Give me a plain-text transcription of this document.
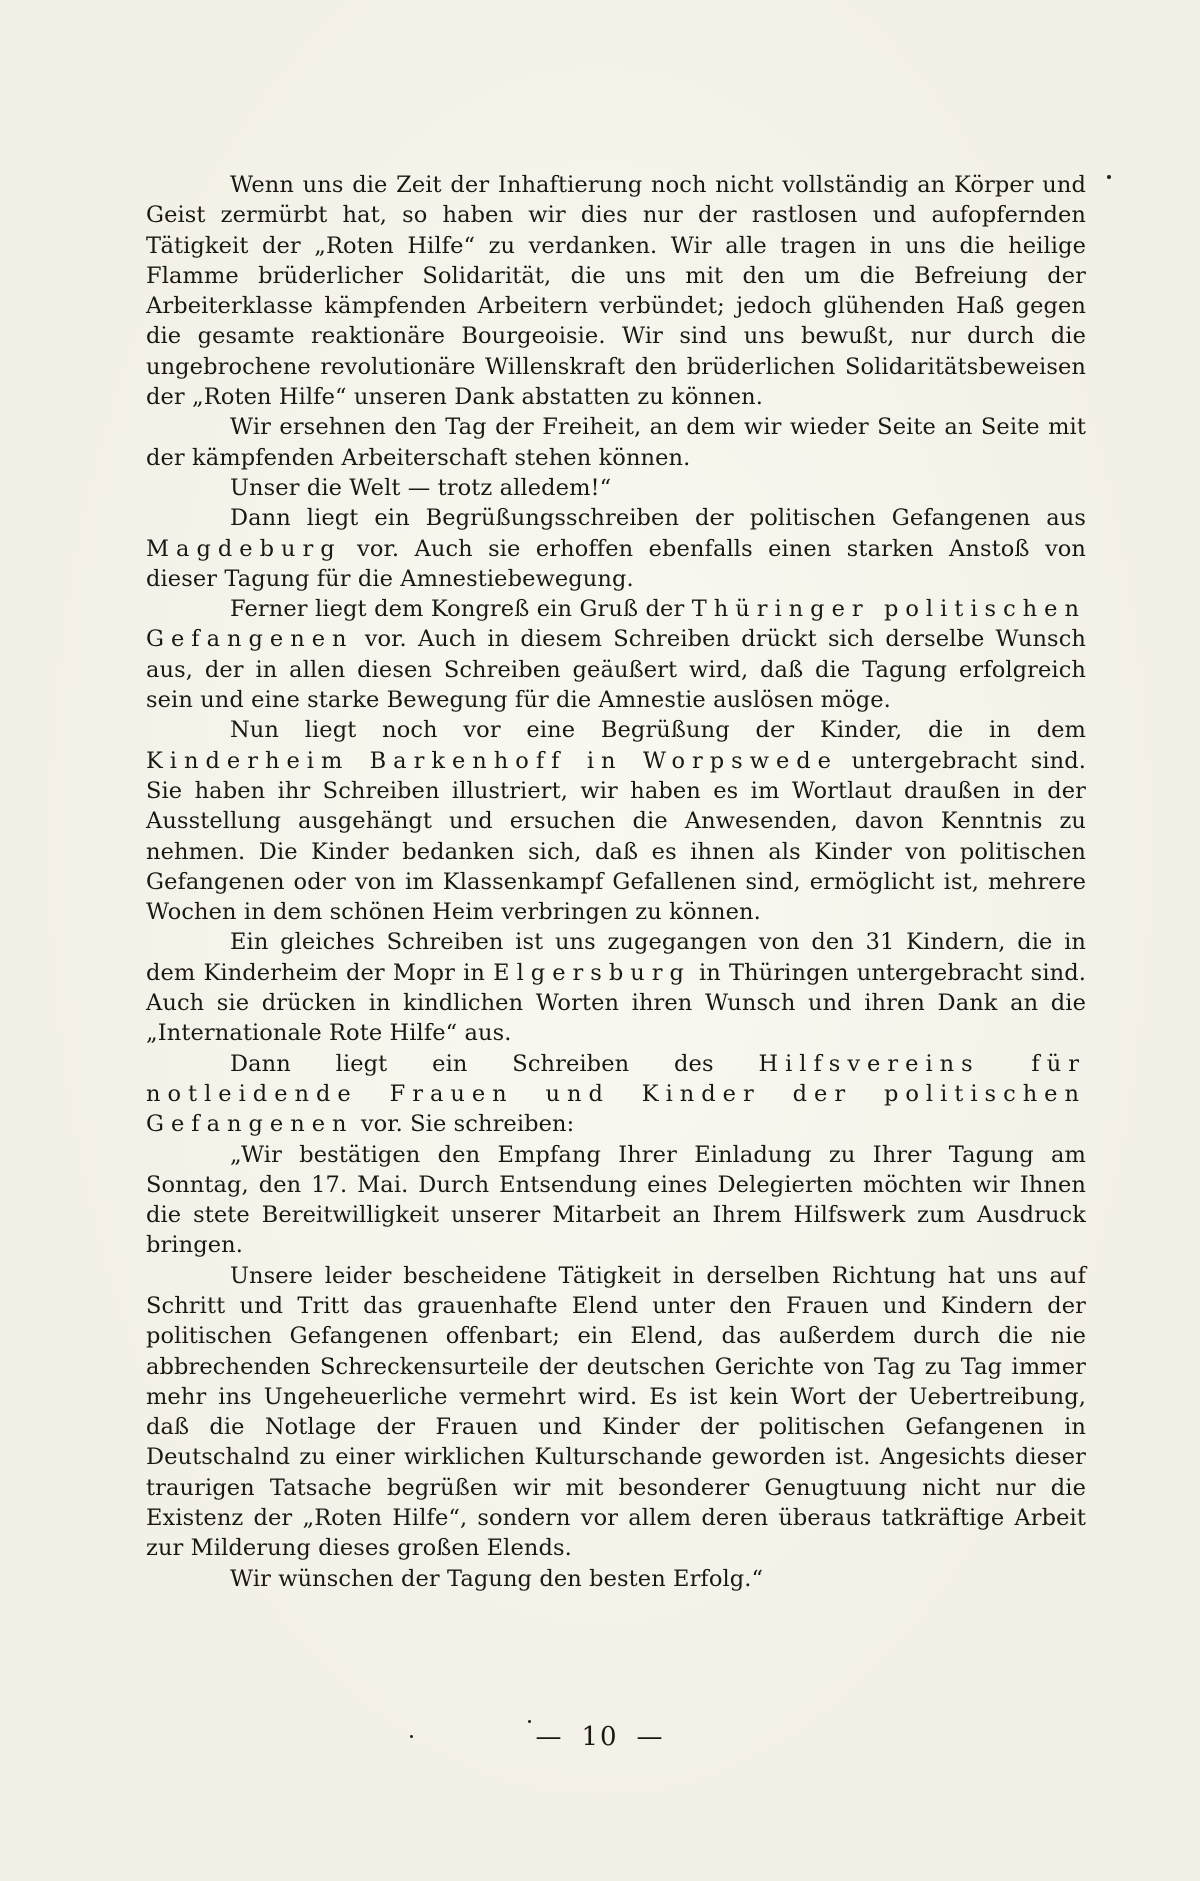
Wenn uns die Zeit der Inhaftierung noch nicht vollständig an Körper und Geist zermürbt hat, so haben wir dies nur der rastlosen und aufopfernden Tätigkeit der „Roten Hilfe“ zu verdanken. Wir alle tragen in uns die heilige Flamme brüderlicher Solidarität, die uns mit den um die Befreiung der Arbeiterklasse kämpfenden Arbeitern verbündet; jedoch glühenden Haß gegen die gesamte reaktionäre Bourgeoisie. Wir sind uns bewußt, nur durch die ungebrochene revolutionäre Willenskraft den brüderlichen Solidaritätsbeweisen der „Roten Hilfe“ unseren Dank abstatten zu können.

Wir ersehnen den Tag der Freiheit, an dem wir wieder Seite an Seite mit der kämpfenden Arbeiterschaft stehen können.

Unser die Welt — trotz alledem!“

Dann liegt ein Begrüßungsschreiben der politischen Gefangenen aus Magdeburg vor. Auch sie erhoffen ebenfalls einen starken Anstoß von dieser Tagung für die Amnestiebewegung.

Ferner liegt dem Kongreß ein Gruß der Thüringer politischen Gefangenen vor. Auch in diesem Schreiben drückt sich derselbe Wunsch aus, der in allen diesen Schreiben geäußert wird, daß die Tagung erfolgreich sein und eine starke Bewegung für die Amnestie auslösen möge.

Nun liegt noch vor eine Begrüßung der Kinder, die in dem Kinderheim Barkenhoff in Worpswede untergebracht sind. Sie haben ihr Schreiben illustriert, wir haben es im Wortlaut draußen in der Ausstellung ausgehängt und ersuchen die Anwesenden, davon Kenntnis zu nehmen. Die Kinder bedanken sich, daß es ihnen als Kinder von politischen Gefangenen oder von im Klassenkampf Gefallenen sind, ermöglicht ist, mehrere Wochen in dem schönen Heim verbringen zu können.

Ein gleiches Schreiben ist uns zugegangen von den 31 Kindern, die in dem Kinderheim der Mopr in Elgersburg in Thüringen untergebracht sind. Auch sie drücken in kindlichen Worten ihren Wunsch und ihren Dank an die „Internationale Rote Hilfe“ aus.

Dann liegt ein Schreiben des Hilfsvereins für notleidende Frauen und Kinder der politischen Gefangenen vor. Sie schreiben:

„Wir bestätigen den Empfang Ihrer Einladung zu Ihrer Tagung am Sonntag, den 17. Mai. Durch Entsendung eines Delegierten möchten wir Ihnen die stete Bereitwilligkeit unserer Mitarbeit an Ihrem Hilfswerk zum Ausdruck bringen.

Unsere leider bescheidene Tätigkeit in derselben Richtung hat uns auf Schritt und Tritt das grauenhafte Elend unter den Frauen und Kindern der politischen Gefangenen offenbart; ein Elend, das außerdem durch die nie abbrechenden Schreckensurteile der deutschen Gerichte von Tag zu Tag immer mehr ins Ungeheuerliche vermehrt wird. Es ist kein Wort der Uebertreibung, daß die Notlage der Frauen und Kinder der politischen Gefangenen in Deutschalnd zu einer wirklichen Kulturschande geworden ist. Angesichts dieser traurigen Tatsache begrüßen wir mit besonderer Genugtuung nicht nur die Existenz der „Roten Hilfe“, sondern vor allem deren überaus tatkräftige Arbeit zur Milderung dieses großen Elends.

Wir wünschen der Tagung den besten Erfolg.“

— 10 —
